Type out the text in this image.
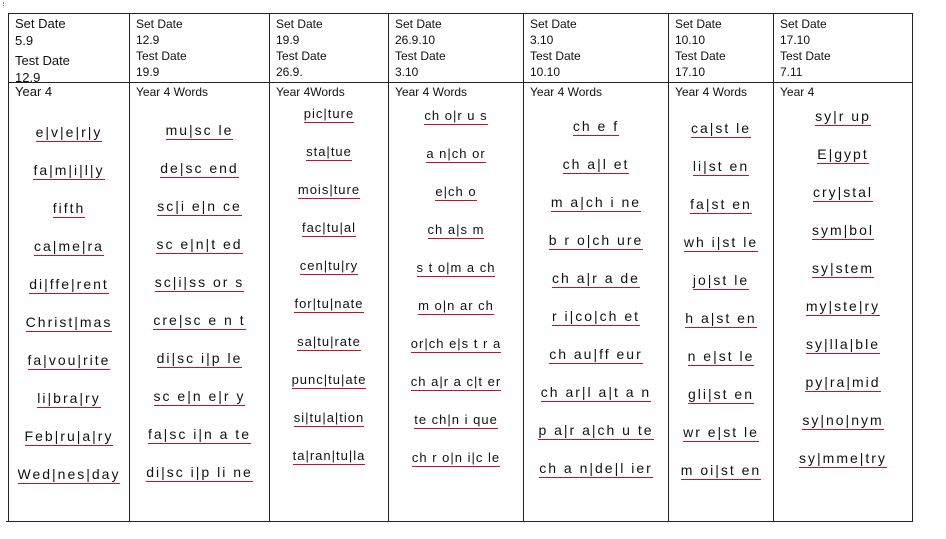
Set Date
5.9
Test Date
12.9
Set Date
12.9
Test Date
19.9
Set Date
19.9
Test Date
26.9.
Set Date
26.9.10
Test Date
3.10
Set Date
3.10
Test Date
10.10
Set Date
10.10
Test Date
17.10
Set Date
17.10
Test Date
7.11
Year 4
e|v|e|r|y
fa|m|i|l|y
fifth
ca|me|ra
di|ffe|rent
Christ|mas
fa|vou|rite
li|bra|ry
Feb|ru|a|ry
Wed|nes|day
Year 4 Words
mu|sc le
de|sc end
sc|i e|n ce
sc e|n|t ed
sc|i|ss or s
cre|sc e n t
di|sc i|p le
sc e|n e|r y
fa|sc i|n a te
di|sc i|p li ne
Year 4Words
pic|ture
sta|tue
mois|ture
fac|tu|al
cen|tu|ry
for|tu|nate
sa|tu|rate
punc|tu|ate
si|tu|a|tion
ta|ran|tu|la
Year 4 Words
ch o|r u s
a n|ch or
e|ch o
ch a|s m
s t o|m a ch
m o|n ar ch
or|ch e|s t r a
ch a|r a c|t er
te ch|n i que
ch r o|n i|c le
Year 4 Words
ch e f
ch a|l et
m a|ch i ne
b r o|ch ure
ch a|r a de
r i|co|ch et
ch au|ff eur
ch ar|l a|t a n
p a|r a|ch u te
ch a n|de|l ier
Year 4 Words
ca|st le
li|st en
fa|st en
wh i|st le
jo|st le
h a|st en
n e|st le
gli|st en
wr e|st le
m oi|st en
Year 4
sy|r up
E|gypt
cry|stal
sym|bol
sy|stem
my|ste|ry
sy|lla|ble
py|ra|mid
sy|no|nym
sy|mme|try
